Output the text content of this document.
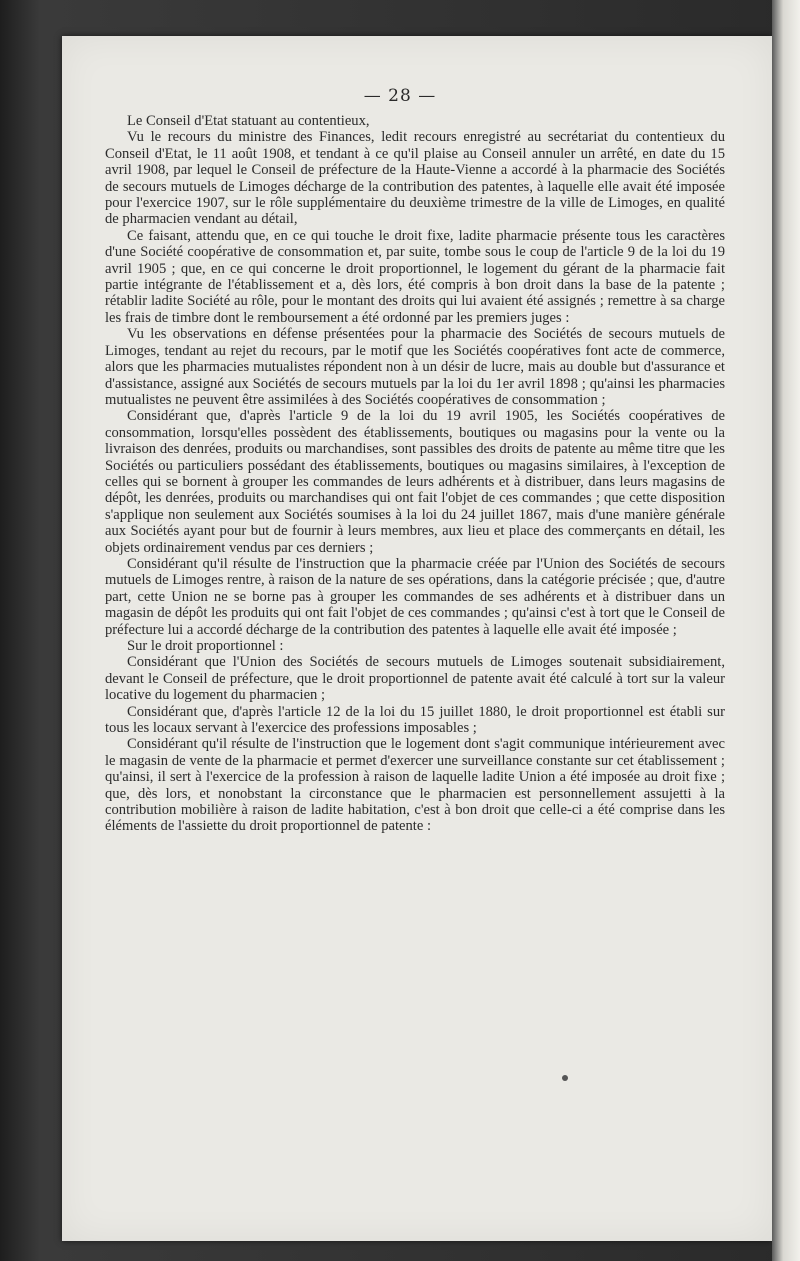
— 28 —

Le Conseil d'Etat statuant au contentieux,

Vu le recours du ministre des Finances, ledit recours enregistré au secrétariat du contentieux du Conseil d'Etat, le 11 août 1908, et tendant à ce qu'il plaise au Conseil annuler un arrêté, en date du 15 avril 1908, par lequel le Conseil de préfecture de la Haute-Vienne a accordé à la pharmacie des Sociétés de secours mutuels de Limoges décharge de la contribution des patentes, à laquelle elle avait été imposée pour l'exercice 1907, sur le rôle supplémentaire du deuxième trimestre de la ville de Limoges, en qualité de pharmacien vendant au détail,

Ce faisant, attendu que, en ce qui touche le droit fixe, ladite pharmacie présente tous les caractères d'une Société coopérative de consommation et, par suite, tombe sous le coup de l'article 9 de la loi du 19 avril 1905 ; que, en ce qui concerne le droit proportionnel, le logement du gérant de la pharmacie fait partie intégrante de l'établissement et a, dès lors, été compris à bon droit dans la base de la patente ; rétablir ladite Société au rôle, pour le montant des droits qui lui avaient été assignés ; remettre à sa charge les frais de timbre dont le remboursement a été ordonné par les premiers juges :

Vu les observations en défense présentées pour la pharmacie des Sociétés de secours mutuels de Limoges, tendant au rejet du recours, par le motif que les Sociétés coopératives font acte de commerce, alors que les pharmacies mutualistes répondent non à un désir de lucre, mais au double but d'assurance et d'assistance, assigné aux Sociétés de secours mutuels par la loi du 1er avril 1898 ; qu'ainsi les pharmacies mutualistes ne peuvent être assimilées à des Sociétés coopératives de consommation ;

Considérant que, d'après l'article 9 de la loi du 19 avril 1905, les Sociétés coopératives de consommation, lorsqu'elles possèdent des établissements, boutiques ou magasins pour la vente ou la livraison des denrées, produits ou marchandises, sont passibles des droits de patente au même titre que les Sociétés ou particuliers possédant des établissements, boutiques ou magasins similaires, à l'exception de celles qui se bornent à grouper les commandes de leurs adhérents et à distribuer, dans leurs magasins de dépôt, les denrées, produits ou marchandises qui ont fait l'objet de ces commandes ; que cette disposition s'applique non seulement aux Sociétés soumises à la loi du 24 juillet 1867, mais d'une manière générale aux Sociétés ayant pour but de fournir à leurs membres, aux lieu et place des commerçants en détail, les objets ordinairement vendus par ces derniers ;

Considérant qu'il résulte de l'instruction que la pharmacie créée par l'Union des Sociétés de secours mutuels de Limoges rentre, à raison de la nature de ses opérations, dans la catégorie précisée ; que, d'autre part, cette Union ne se borne pas à grouper les commandes de ses adhérents et à distribuer dans un magasin de dépôt les produits qui ont fait l'objet de ces commandes ; qu'ainsi c'est à tort que le Conseil de préfecture lui a accordé décharge de la contribution des patentes à laquelle elle avait été imposée ;

Sur le droit proportionnel :

Considérant que l'Union des Sociétés de secours mutuels de Limoges soutenait subsidiairement, devant le Conseil de préfecture, que le droit proportionnel de patente avait été calculé à tort sur la valeur locative du logement du pharmacien ;

Considérant que, d'après l'article 12 de la loi du 15 juillet 1880, le droit proportionnel est établi sur tous les locaux servant à l'exercice des professions imposables ;

Considérant qu'il résulte de l'instruction que le logement dont s'agit communique intérieurement avec le magasin de vente de la pharmacie et permet d'exercer une surveillance constante sur cet établissement ; qu'ainsi, il sert à l'exercice de la profession à raison de laquelle ladite Union a été imposée au droit fixe ; que, dès lors, et nonobstant la circonstance que le pharmacien est personnellement assujetti à la contribution mobilière à raison de ladite habitation, c'est à bon droit que celle-ci a été comprise dans les éléments de l'assiette du droit proportionnel de patente :
